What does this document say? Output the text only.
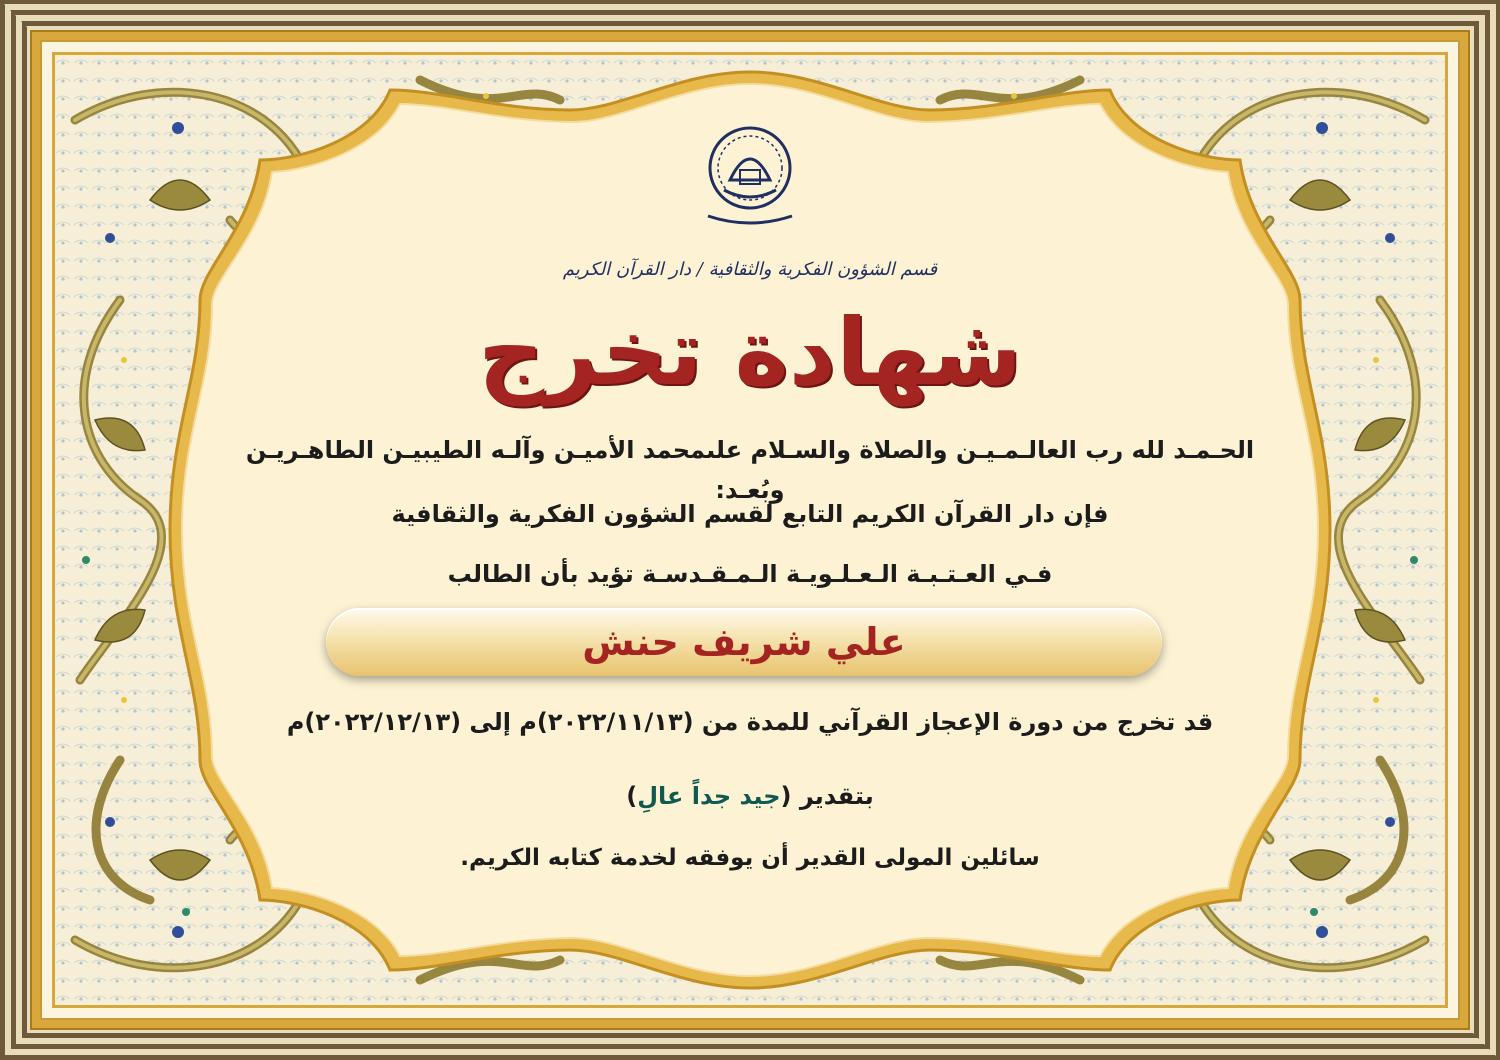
قسم الشؤون الفكرية والثقافية / دار القرآن الكريم
شهادة تخرج
الحـمـد لله رب العالـمـيـن والصلاة والسـلام علىمحمد الأميـن وآلـه الطيبيـن الطاهـريـن وبُعـد:
فإن دار القرآن الكريم التابع لقسم الشؤون الفكرية والثقافية
فـي العـتـبـة الـعـلـويـة الـمـقـدسـة تؤيد بأن الطالب
علي شريف حنش
قد تخرج من دورة الإعجاز القرآني للمدة من (٢٠٢٢/١١/١٣)م إلى (٢٠٢٢/١٢/١٣)م
بتقدير (جيد جداً عالِ)
سائلين المولى القدير أن يوفقه لخدمة كتابه الكريم.
